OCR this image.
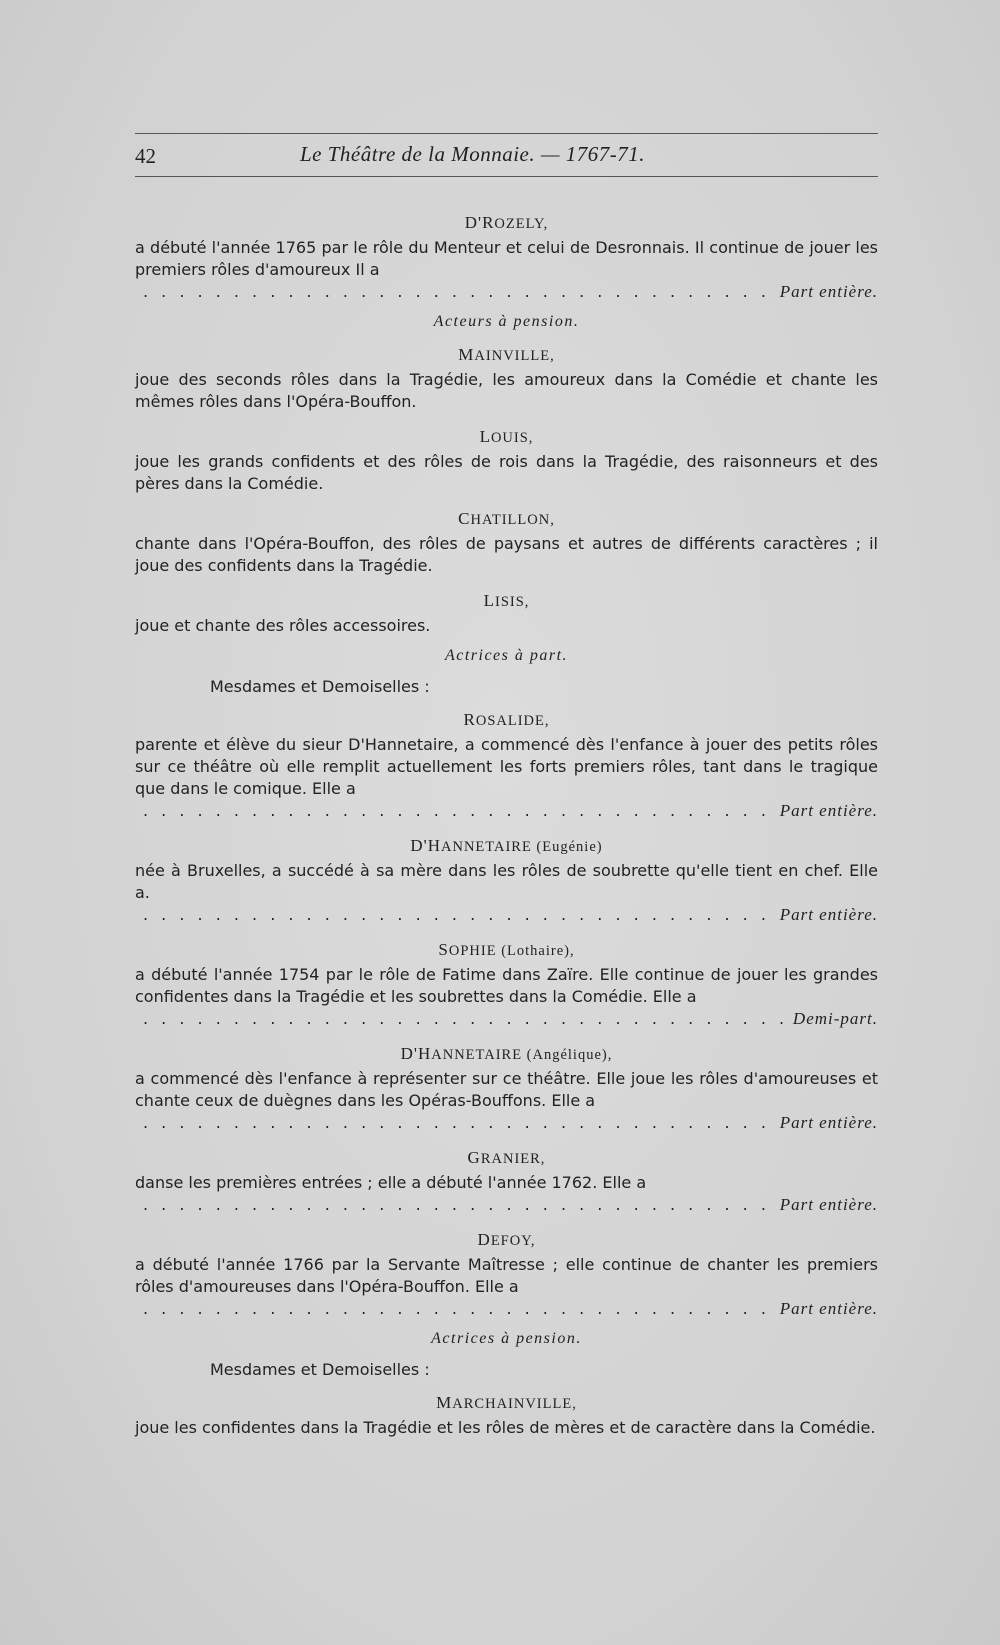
42	Le Théâtre de la Monnaie. — 1767-71.
D'ROZELY,

a débuté l'année 1765 par le rôle du Menteur et celui de Desronnais. Il continue de jouer les premiers rôles d'amoureux Il a

. . .
Part entière.
Acteurs à pension.
MAINVILLE,

joue des seconds rôles dans la Tragédie, les amoureux dans la Comédie et chante les mêmes rôles dans l'Opéra-Bouffon.

LOUIS,

joue les grands confidents et des rôles de rois dans la Tragédie, des raisonneurs et des pères dans la Comédie.

CHATILLON,

chante dans l'Opéra-Bouffon, des rôles de paysans et autres de différents caractères ; il joue des confidents dans la Tragédie.

LISIS,

joue et chante des rôles accessoires.

Actrices à part.
Mesdames et Demoiselles :
ROSALIDE,

parente et élève du sieur D'Hannetaire, a commencé dès l'enfance à jouer des petits rôles sur ce théâtre où elle remplit actuellement les forts premiers rôles, tant dans le tragique que dans le comique. Elle a

. . .
Part entière.
D'HANNETAIRE (Eugénie)

née à Bruxelles, a succédé à sa mère dans les rôles de soubrette qu'elle tient en chef. Elle a.

. . .
Part entière.
SOPHIE (Lothaire),

a débuté l'année 1754 par le rôle de Fatime dans Zaïre. Elle continue de jouer les grandes confidentes dans la Tragédie et les soubrettes dans la Comédie. Elle a

. . .
Demi-part.
D'HANNETAIRE (Angélique),

a commencé dès l'enfance à représenter sur ce théâtre. Elle joue les rôles d'amoureuses et chante ceux de duègnes dans les Opéras-Bouffons. Elle a

. . .
Part entière.
GRANIER,

danse les premières entrées ; elle a débuté l'année 1762. Elle a

. . .
Part entière.
DEFOY,

a débuté l'année 1766 par la Servante Maîtresse ; elle continue de chanter les premiers rôles d'amoureuses dans l'Opéra-Bouffon. Elle a

. . .
Part entière.
Actrices à pension.
Mesdames et Demoiselles :
MARCHAINVILLE,

joue les confidentes dans la Tragédie et les rôles de mères et de caractère dans la Comédie.
